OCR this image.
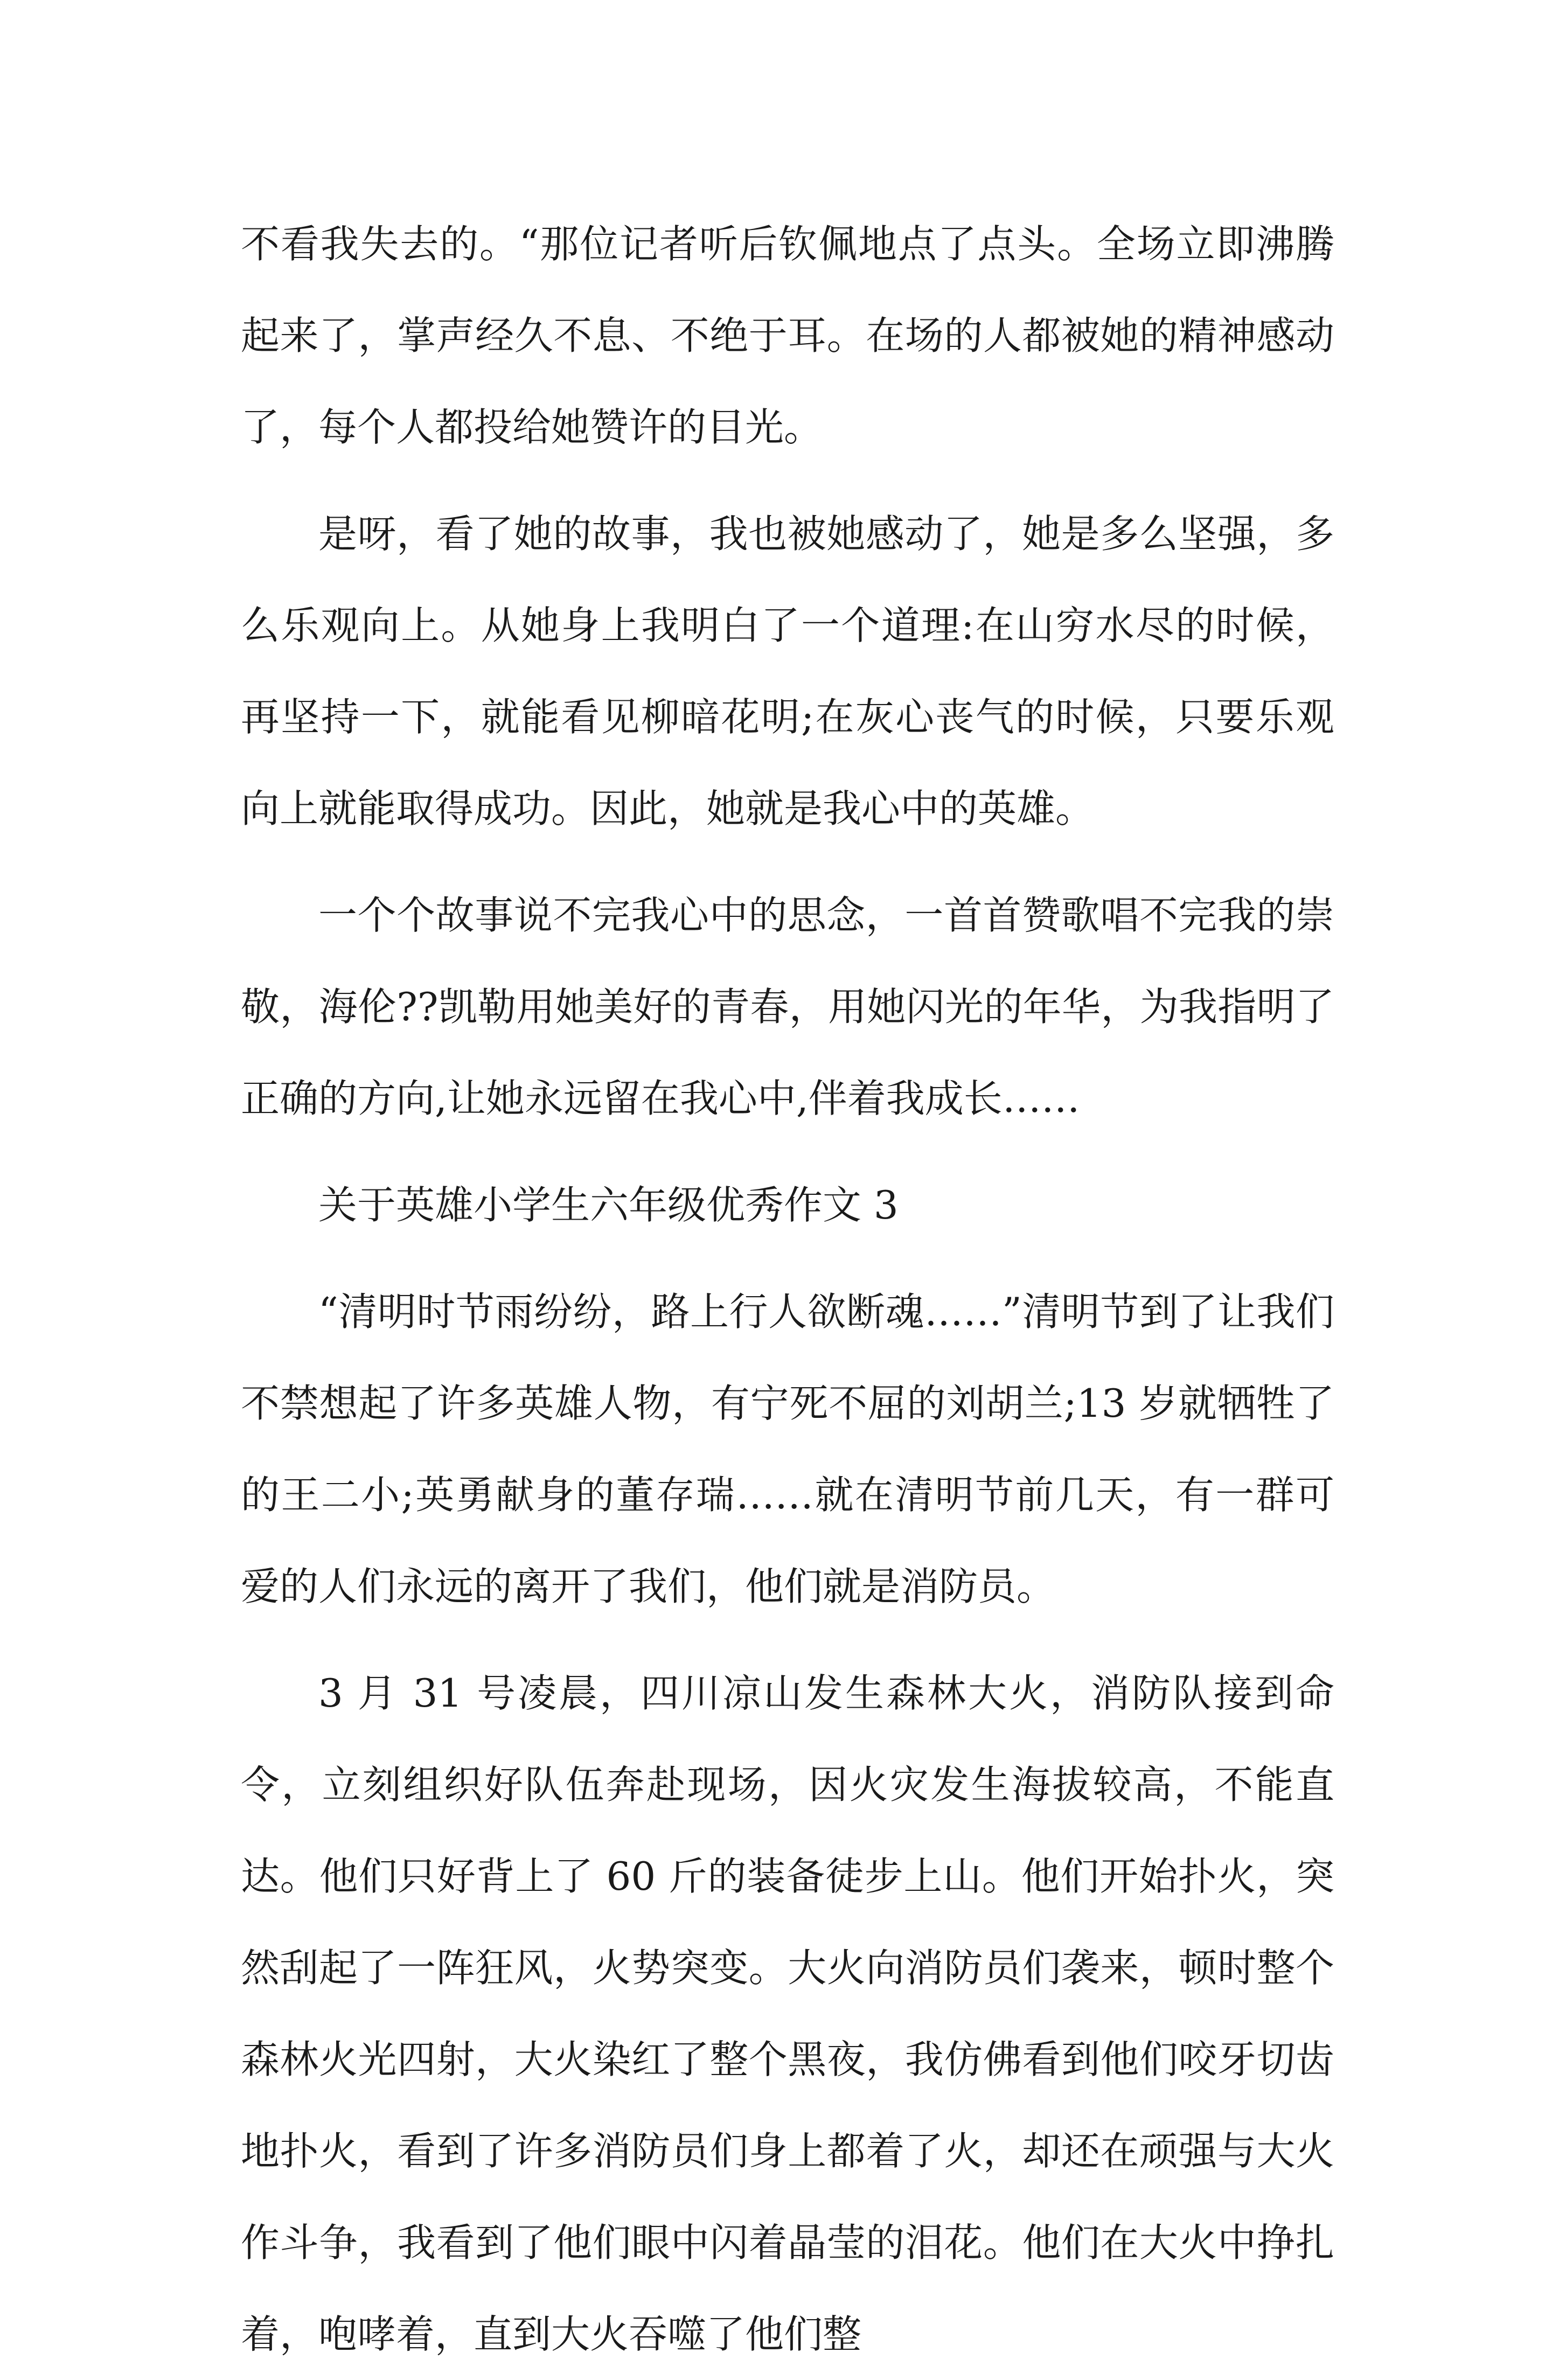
不看我失去的。“那位记者听后钦佩地点了点头。全场立即沸腾起来了，掌声经久不息、不绝于耳。在场的人都被她的精神感动了，每个人都投给她赞许的目光。

是呀，看了她的故事，我也被她感动了，她是多么坚强，多么乐观向上。从她身上我明白了一个道理:在山穷水尽的时候，再坚持一下，就能看见柳暗花明;在灰心丧气的时候，只要乐观向上就能取得成功。因此，她就是我心中的英雄。

一个个故事说不完我心中的思念，一首首赞歌唱不完我的崇敬，海伦??凯勒用她美好的青春，用她闪光的年华，为我指明了正确的方向,让她永远留在我心中,伴着我成长……

关于英雄小学生六年级优秀作文 3

“清明时节雨纷纷，路上行人欲断魂……”清明节到了让我们不禁想起了许多英雄人物，有宁死不屈的刘胡兰;13 岁就牺牲了的王二小;英勇献身的董存瑞……就在清明节前几天，有一群可爱的人们永远的离开了我们，他们就是消防员。

3 月 31 号凌晨，四川凉山发生森林大火，消防队接到命令，立刻组织好队伍奔赴现场，因火灾发生海拔较高，不能直达。他们只好背上了 60 斤的装备徒步上山。他们开始扑火，突然刮起了一阵狂风，火势突变。大火向消防员们袭来，顿时整个森林火光四射，大火染红了整个黑夜，我仿佛看到他们咬牙切齿地扑火，看到了许多消防员们身上都着了火，却还在顽强与大火作斗争，我看到了他们眼中闪着晶莹的泪花。他们在大火中挣扎着，咆哮着，直到大火吞噬了他们整
